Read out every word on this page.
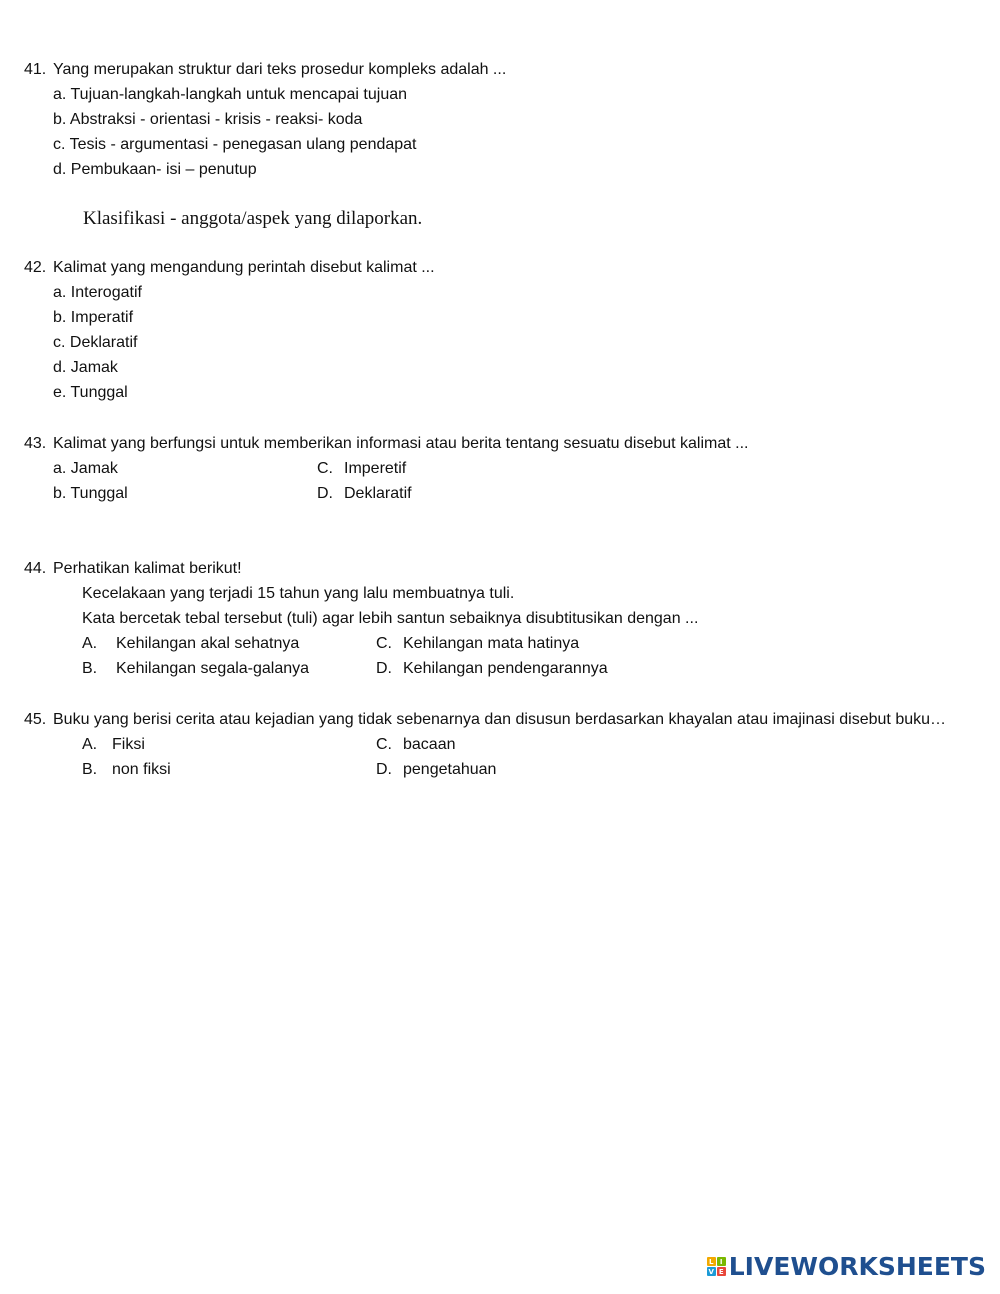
41. Yang merupakan struktur dari teks prosedur kompleks adalah ...
a. Tujuan-langkah-langkah untuk mencapai tujuan
b. Abstraksi - orientasi - krisis - reaksi- koda
c. Tesis - argumentasi - penegasan ulang pendapat
d. Pembukaan- isi – penutup
Klasifikasi - anggota/aspek yang dilaporkan.
42. Kalimat yang mengandung perintah disebut kalimat ...
a. Interogatif
b. Imperatif
c. Deklaratif
d. Jamak
e. Tunggal
43. Kalimat yang berfungsi untuk memberikan informasi atau berita tentang sesuatu disebut kalimat ...
a. Jamak
b. Tunggal
C. Imperetif
D. Deklaratif
44. Perhatikan kalimat berikut!
Kecelakaan yang terjadi 15 tahun yang lalu membuatnya tuli.
Kata bercetak tebal tersebut (tuli) agar lebih santun sebaiknya disubtitusikan dengan ...
A. Kehilangan akal sehatnya
B. Kehilangan segala-galanya
C. Kehilangan mata hatinya
D. Kehilangan pendengarannya
45. Buku yang berisi cerita atau kejadian yang tidak sebenarnya dan disusun berdasarkan khayalan atau imajinasi disebut buku…
A. Fiksi
B. non fiksi
C. bacaan
D. pengetahuan
L I
V E LIVEWORKSHEETS
